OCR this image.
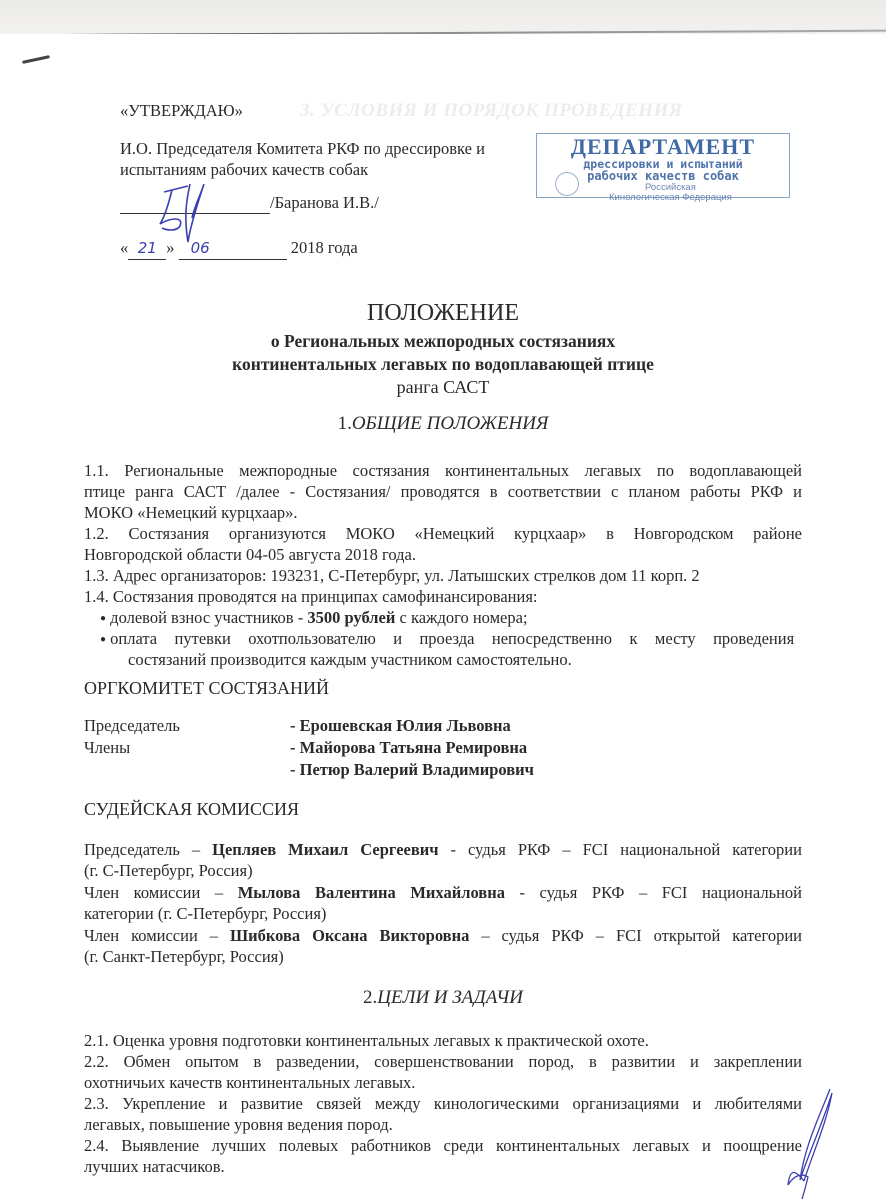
3. УСЛОВИЯ И ПОРЯДОК ПРОВЕДЕНИЯ
«УТВЕРЖДАЮ»
И.О. Председателя Комитета РКФ по дрессировке и
испытаниям рабочих качеств собак
/Баранова И.В./
« 21 » 06	2018 года
ДЕПАРТАМЕНТ
дрессировки и испытаний
рабочих качеств собак
Российская
Кинологическая Федерация
ПОЛОЖЕНИЕ
о Региональных межпородных состязаниях
континентальных легавых по водоплавающей птице
ранга САСТ
1.ОБЩИЕ ПОЛОЖЕНИЯ
1.1. Региональные межпородные состязания континентальных легавых по водоплавающей
птице ранга САСТ /далее - Состязания/ проводятся в соответствии с планом работы РКФ и
МОКО «Немецкий курцхаар».
1.2. Состязания организуются МОКО «Немецкий курцхаар» в Новгородском районе
Новгородской области 04-05 августа 2018 года.
1.3. Адрес организаторов: 193231, С-Петербург, ул. Латышских стрелков дом 11 корп. 2
1.4. Состязания проводятся на принципах самофинансирования:
● долевой взнос участников - 3500 рублей с каждого номера;
● оплата путевки охотпользователю и проезда непосредственно к месту проведения
состязаний производится каждым участником самостоятельно.
ОРГКОМИТЕТ СОСТЯЗАНИЙ
Председатель	- Ерошевская Юлия Львовна
Члены	- Майорова Татьяна Ремировна
- Петюр Валерий Владимирович
СУДЕЙСКАЯ КОМИССИЯ
Председатель – Цепляев Михаил Сергеевич - судья РКФ – FCI национальной категории
(г. С-Петербург, Россия)
Член комиссии – Мылова Валентина Михайловна - судья РКФ – FCI национальной
категории (г. С-Петербург, Россия)
Член комиссии – Шибкова Оксана Викторовна – судья РКФ – FCI открытой категории
(г. Санкт-Петербург, Россия)
2.ЦЕЛИ И ЗАДАЧИ
2.1. Оценка уровня подготовки континентальных легавых к практической охоте.
2.2. Обмен опытом в разведении, совершенствовании пород, в развитии и закреплении
охотничьих качеств континентальных легавых.
2.3. Укрепление и развитие связей между кинологическими организациями и любителями
легавых, повышение уровня ведения пород.
2.4. Выявление лучших полевых работников среди континентальных легавых и поощрение
лучших натасчиков.
